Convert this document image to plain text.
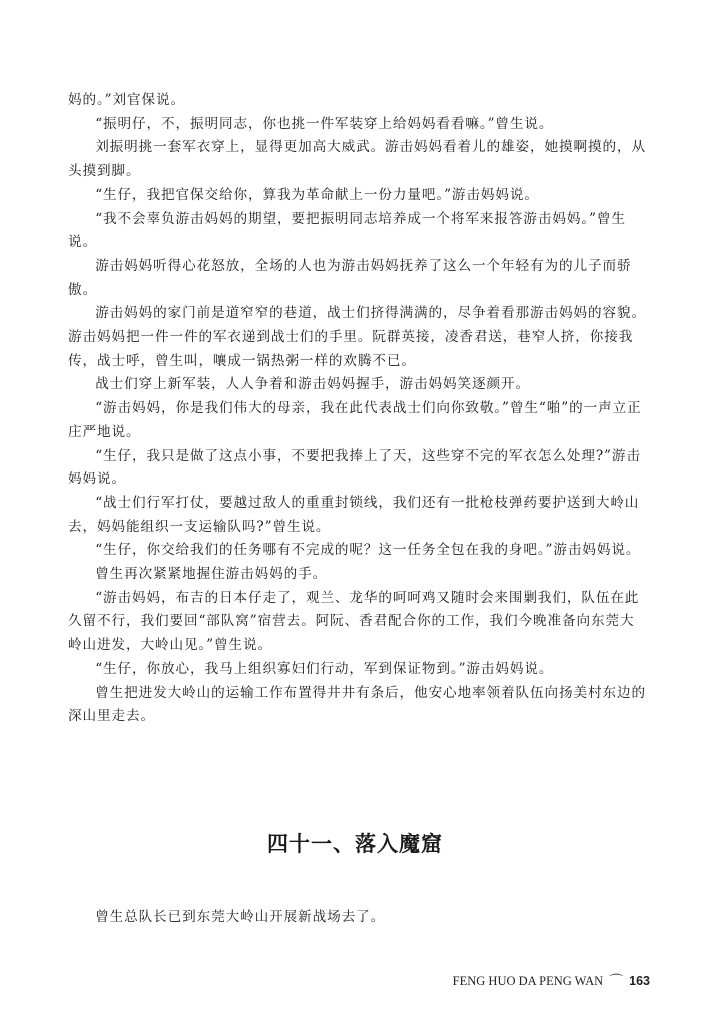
妈的。”刘官保说。

“振明仔，不，振明同志，你也挑一件军装穿上给妈妈看看嘛。”曾生说。

刘振明挑一套军衣穿上，显得更加高大威武。游击妈妈看着儿的雄姿，她摸啊摸的，从头摸到脚。

“生仔，我把官保交给你，算我为革命献上一份力量吧。”游击妈妈说。

“我不会辜负游击妈妈的期望，要把振明同志培养成一个将军来报答游击妈妈。”曾生说。

游击妈妈听得心花怒放，全场的人也为游击妈妈抚养了这么一个年轻有为的儿子而骄傲。

游击妈妈的家门前是道窄窄的巷道，战士们挤得满满的，尽争着看那游击妈妈的容貌。游击妈妈把一件一件的军衣递到战士们的手里。阮群英接，凌香君送，巷窄人挤，你接我传，战士呼，曾生叫，嚷成一锅热粥一样的欢腾不已。

战士们穿上新军装，人人争着和游击妈妈握手，游击妈妈笑逐颜开。

“游击妈妈，你是我们伟大的母亲，我在此代表战士们向你致敬。”曾生“啪”的一声立正庄严地说。

“生仔，我只是做了这点小事，不要把我捧上了天，这些穿不完的军衣怎么处理?”游击妈妈说。

“战士们行军打仗，要越过敌人的重重封锁线，我们还有一批枪枝弹药要护送到大岭山去，妈妈能组织一支运输队吗?”曾生说。

“生仔，你交给我们的任务哪有不完成的呢？这一任务全包在我的身吧。”游击妈妈说。

曾生再次紧紧地握住游击妈妈的手。

“游击妈妈，布吉的日本仔走了，观兰、龙华的呵呵鸡又随时会来围剿我们，队伍在此久留不行，我们要回“部队窝”宿营去。阿阮、香君配合你的工作，我们今晚准备向东莞大岭山进发，大岭山见。”曾生说。

“生仔，你放心，我马上组织寡妇们行动，军到保证物到。”游击妈妈说。

曾生把进发大岭山的运输工作布置得井井有条后，他安心地率领着队伍向扬美村东边的深山里走去。

四十一、落入魔窟

曾生总队长已到东莞大岭山开展新战场去了。

FENG HUO DA PENG WAN ⌒ 163
